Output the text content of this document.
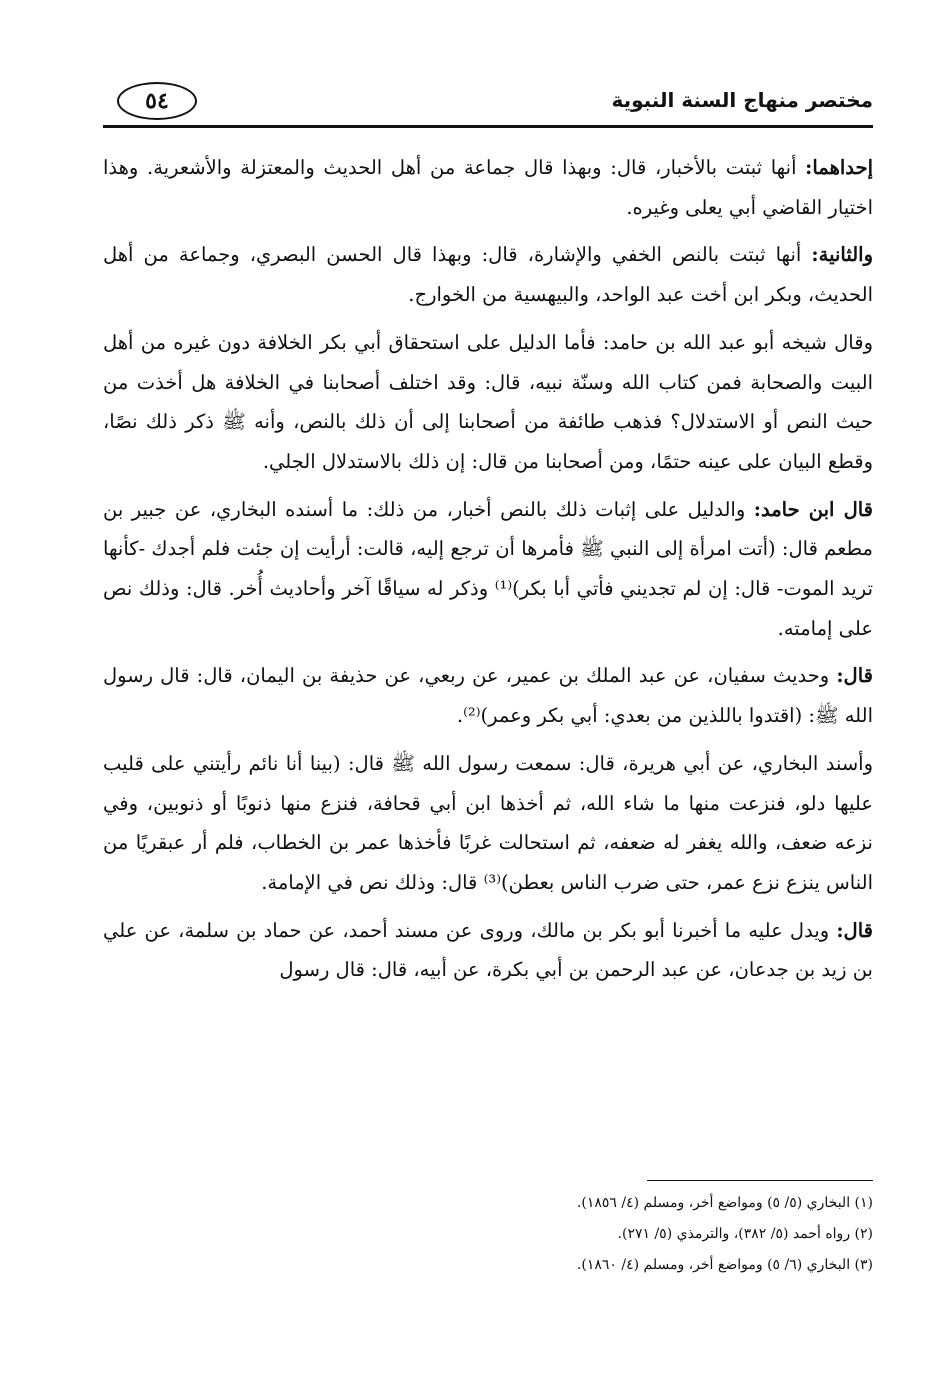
٥٤	مختصر منهاج السنة النبوية

إحداهما: أنها ثبتت بالأخبار، قال: وبهذا قال جماعة من أهل الحديث والمعتزلة والأشعرية. وهذا اختيار القاضي أبي يعلى وغيره.

والثانية: أنها ثبتت بالنص الخفي والإشارة، قال: وبهذا قال الحسن البصري، وجماعة من أهل الحديث، وبكر ابن أخت عبد الواحد، والبيهسية من الخوارج.

وقال شيخه أبو عبد الله بن حامد: فأما الدليل على استحقاق أبي بكر الخلافة دون غيره من أهل البيت والصحابة فمن كتاب الله وسنّة نبيه، قال: وقد اختلف أصحابنا في الخلافة هل أخذت من حيث النص أو الاستدلال؟ فذهب طائفة من أصحابنا إلى أن ذلك بالنص، وأنه ﷺ ذكر ذلك نصًا، وقطع البيان على عينه حتمًا، ومن أصحابنا من قال: إن ذلك بالاستدلال الجلي.

قال ابن حامد: والدليل على إثبات ذلك بالنص أخبار، من ذلك: ما أسنده البخاري، عن جبير بن مطعم قال: (أتت امرأة إلى النبي ﷺ فأمرها أن ترجع إليه، قالت: أرأيت إن جئت فلم أجدك -كأنها تريد الموت- قال: إن لم تجديني فأتي أبا بكر)⁽¹⁾ وذكر له سياقًا آخر وأحاديث أُخر. قال: وذلك نص على إمامته.

قال: وحديث سفيان، عن عبد الملك بن عمير، عن ربعي، عن حذيفة بن اليمان، قال: قال رسول الله ﷺ: (اقتدوا باللذين من بعدي: أبي بكر وعمر)⁽²⁾.

وأسند البخاري، عن أبي هريرة، قال: سمعت رسول الله ﷺ قال: (بينا أنا نائم رأيتني على قليب عليها دلو، فنزعت منها ما شاء الله، ثم أخذها ابن أبي قحافة، فنزع منها ذنوبًا أو ذنوبين، وفي نزعه ضعف، والله يغفر له ضعفه، ثم استحالت غربًا فأخذها عمر بن الخطاب، فلم أر عبقريًا من الناس ينزع نزع عمر، حتى ضرب الناس بعطن)⁽³⁾ قال: وذلك نص في الإمامة.

قال: ويدل عليه ما أخبرنا أبو بكر بن مالك، وروى عن مسند أحمد، عن حماد بن سلمة، عن علي بن زيد بن جدعان، عن عبد الرحمن بن أبي بكرة، عن أبيه، قال: قال رسول

(١) البخاري (٥/ ٥) ومواضع أخر، ومسلم (٤/ ١٨٥٦).
(٢) رواه أحمد (٥/ ٣٨٢)، والترمذي (٥/ ٢٧١).
(٣) البخاري (٦/ ٥) ومواضع أخر، ومسلم (٤/ ١٨٦٠).
